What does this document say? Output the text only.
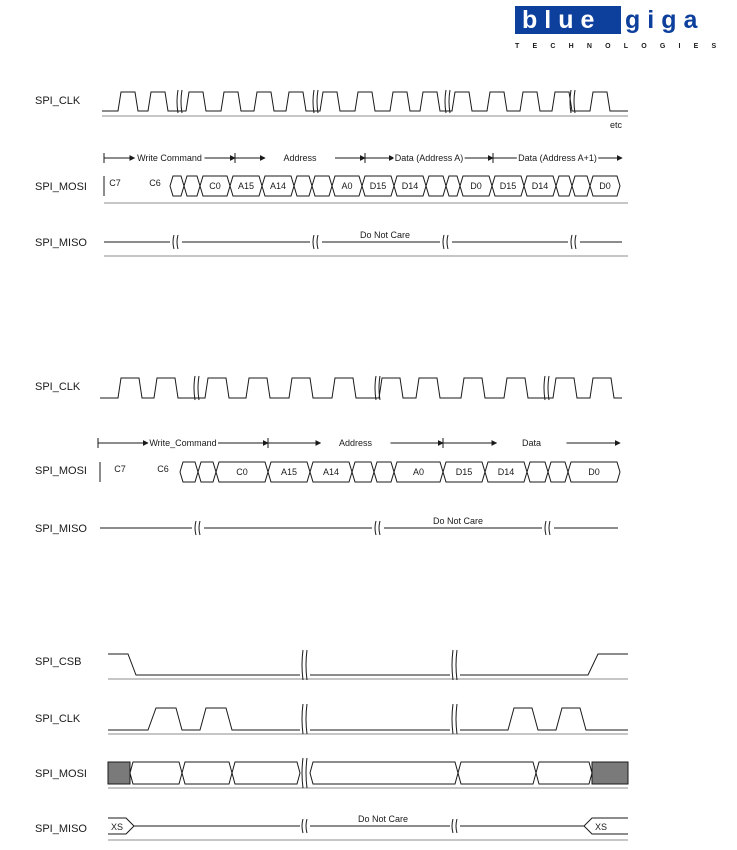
blue giga
TECHNOLOGIES
SPI_CLK
SPI_MOSI
SPI_MISO
etc
Write Command	Address	Data (Address A)	Data (Address A+1)
C7	C6	C0 A15 A14	A0 D15 D14	D0 D15 D14	D0
Do Not Care
SPI_CLK
SPI_MOSI
SPI_MISO
Write_Command	Address	Data
C7	C6	C0	A15	A14	A0	D15	D14	D0
Do Not Care
SPI_CSB
SPI_CLK
SPI_MOSI
SPI_MISO	XS	XS
Do Not Care
